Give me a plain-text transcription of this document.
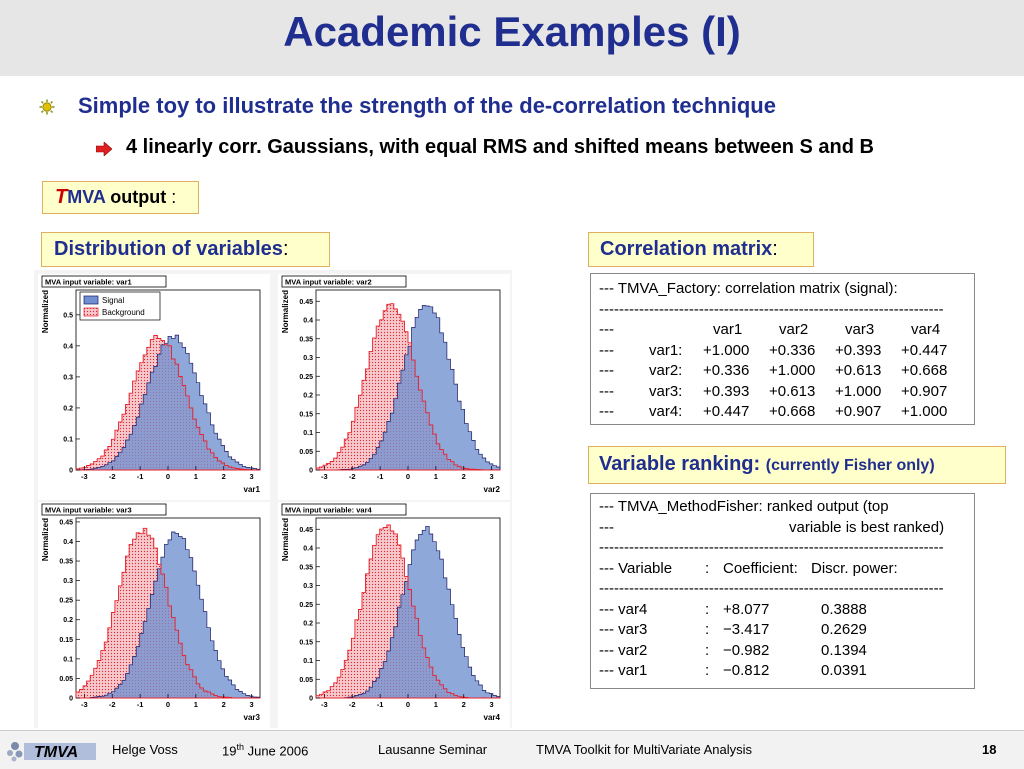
Academic Examples (I)
Simple toy to illustrate the strength of the de-correlation technique
4 linearly corr. Gaussians, with equal RMS and shifted means between S and B
TMVA output :
Distribution of variables:	Correlation matrix:
Variable ranking: (currently Fisher only)
--- TMVA_Factory: correlation matrix (signal):
---------------------------------------------------------------------
---	var1 var2 var3 var4
--- var1: +1.000 +0.336 +0.393 +0.447
--- var2: +0.336 +1.000 +0.613 +0.668
--- var3: +0.393 +0.613 +1.000 +0.907
--- var4: +0.447 +0.668 +0.907 +1.000
--- TMVA_MethodFisher: ranked output (top
---	variable is best ranked)
---------------------------------------------------------------------
--- Variable : Coefficient: Discr. power:
---------------------------------------------------------------------
--- var4	: +8.077	0.3888
--- var3	: −3.417	0.2629
--- var2	: −0.982	0.1394
--- var1	: −0.812	0.0391
MVA input variable: var1
0
0.1
0.2
0.3
0.4
0.5
-3	-2	-1	0	1	2	3
var1
Normalized	Signal
Background
MVA input variable: var2
0
0.05
0.1
0.15
0.2
0.25
0.3
0.35
0.4
0.45
-3	-2	-1	0	1	2	3
var2
Normalized
MVA input variable: var3
0
0.05
0.1
0.15
0.2
0.25
0.3
0.35
0.4
0.45
-3	-2	-1	0	1	2	3
var3
Normalized
MVA input variable: var4
0
0.05
0.1
0.15
0.2
0.25
0.3
0.35
0.4
0.45
-3	-2	-1	0	1	2	3
var4
Normalized
TMVA	Helge Voss	19th June 2006	Lausanne Seminar	TMVA Toolkit for MultiVariate Analysis	18
